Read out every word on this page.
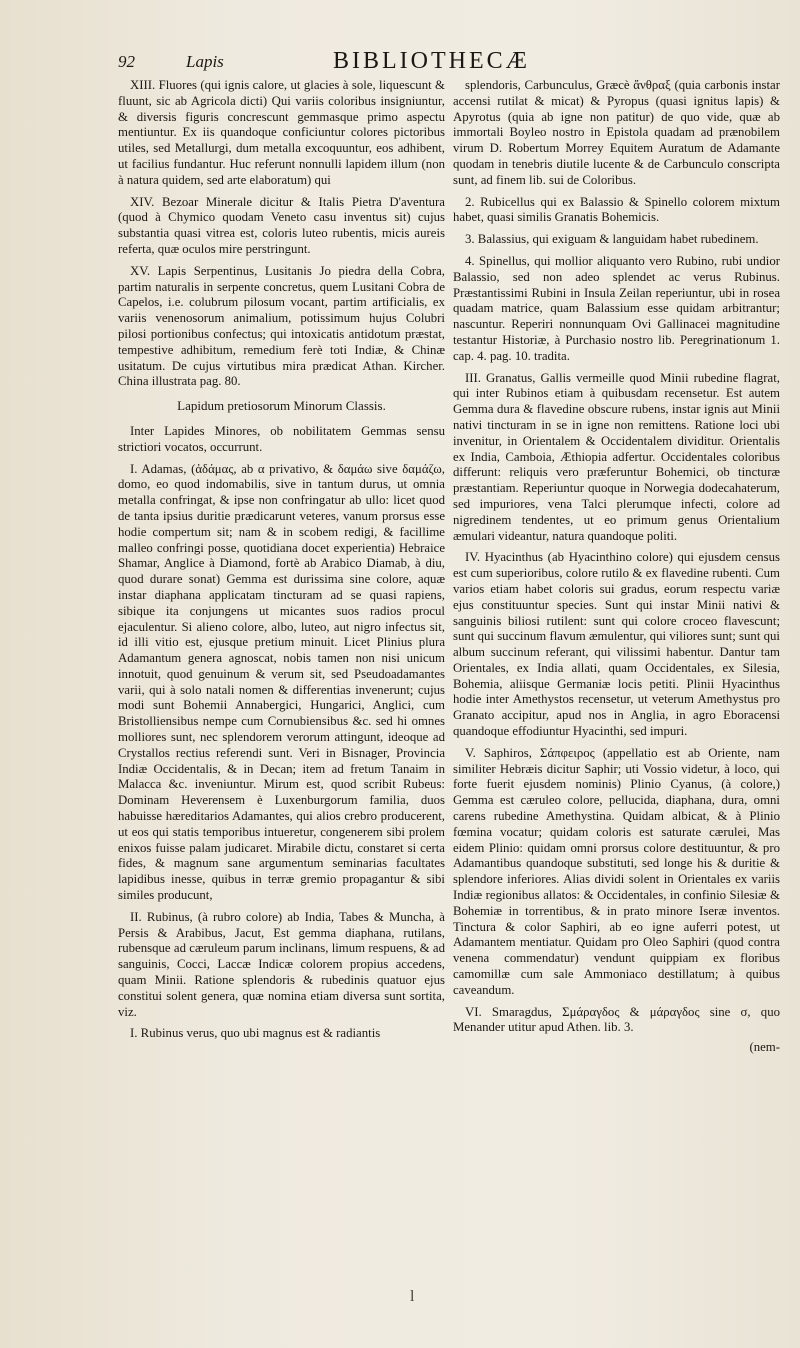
92	Lapis	BIBLIOTHECÆ

XIII. Fluores (qui ignis calore, ut glacies à sole, liquescunt & fluunt, sic ab Agricola dicti) Qui variis coloribus insigniuntur, & diversis figuris concrescunt gemmasque primo aspectu mentiuntur. Ex iis quandoque conficiuntur colores pictoribus utiles, sed Metallurgi, dum metalla excoquuntur, eos adhibent, ut facilius fundantur. Huc referunt nonnulli lapidem illum (non à natura quidem, sed arte elaboratum) qui

XIV. Bezoar Minerale dicitur & Italis Pietra D'aventura (quod à Chymico quodam Veneto casu inventus sit) cujus substantia quasi vitrea est, coloris luteo rubentis, micis aureis referta, quæ oculos mire perstringunt.

XV. Lapis Serpentinus, Lusitanis Jo piedra della Cobra, partim naturalis in serpente concretus, quem Lusitani Cobra de Capelos, i.e. colubrum pilosum vocant, partim artificialis, ex variis venenosorum animalium, potissimum hujus Colubri pilosi portionibus confectus; qui intoxicatis antidotum præstat, tempestive adhibitum, remedium ferè toti Indiæ, & Chinæ usitatum. De cujus virtutibus mira prædicat Athan. Kircher. China illustrata pag. 80.

Lapidum pretiosorum Minorum Classis.

Inter Lapides Minores, ob nobilitatem Gemmas sensu strictiori vocatos, occurrunt.

I. Adamas, (ἀδάμας, ab α privativo, & δαμάω sive δαμάζω, domo, eo quod indomabilis, sive in tantum durus, ut omnia metalla confringat, & ipse non confringatur ab ullo: licet quod de tanta ipsius duritie prædicarunt veteres, vanum prorsus esse hodie compertum sit; nam & in scobem redigi, & facillime malleo confringi posse, quotidiana docet experientia) Hebraice Shamar, Anglice à Diamond, fortè ab Arabico Diamab, à diu, quod durare sonat) Gemma est durissima sine colore, aquæ instar diaphana applicatam tincturam ad se quasi rapiens, sibique ita conjungens ut micantes suos radios procul ejaculentur. Si alieno colore, albo, luteo, aut nigro infectus sit, id illi vitio est, ejusque pretium minuit. Licet Plinius plura Adamantum genera agnoscat, nobis tamen non nisi unicum innotuit, quod genuinum & verum sit, sed Pseudoadamantes varii, qui à solo natali nomen & differentias invenerunt; cujus modi sunt Bohemii Annabergici, Hungarici, Anglici, cum Bristolliensibus nempe cum Cornubiensibus &c. sed hi omnes molliores sunt, nec splendorem verorum attingunt, ideoque ad Crystallos rectius referendi sunt. Veri in Bisnager, Provincia Indiæ Occidentalis, & in Decan; item ad fretum Tanaim in Malacca &c. inveniuntur. Mirum est, quod scribit Rubeus: Dominam Heverensem è Luxenburgorum familia, duos habuisse hæreditarios Adamantes, qui alios crebro producerent, ut eos qui statis temporibus intueretur, congenerem sibi prolem enixos fuisse palam judicaret. Mirabile dictu, constaret si certa fides, & magnum sane argumentum seminarias facultates lapidibus inesse, quibus in terræ gremio propagantur & sibi similes producunt,

II. Rubinus, (à rubro colore) ab India, Tabes & Muncha, à Persis & Arabibus, Jacut, Est gemma diaphana, rutilans, rubensque ad cæruleum parum inclinans, limum respuens, & ad sanguinis, Cocci, Laccæ Indicæ colorem propius accedens, quam Minii. Ratione splendoris & rubedinis quatuor ejus constitui solent genera, quæ nomina etiam diversa sunt sortita, viz.

I. Rubinus verus, quo ubi magnus est & radiantis

splendoris, Carbunculus, Græcè ἄνθραξ (quia carbonis instar accensi rutilat & micat) & Pyropus (quasi ignitus lapis) & Apyrotus (quia ab igne non patitur) de quo vide, quæ ab immortali Boyleo nostro in Epistola quadam ad prænobilem virum D. Robertum Morrey Equitem Auratum de Adamante quodam in tenebris diutile lucente & de Carbunculo conscripta sunt, ad finem lib. sui de Coloribus.

2. Rubicellus qui ex Balassio & Spinello colorem mixtum habet, quasi similis Granatis Bohemicis.

3. Balassius, qui exiguam & languidam habet rubedinem.

4. Spinellus, qui mollior aliquanto vero Rubino, rubi undior Balassio, sed non adeo splendet ac verus Rubinus. Præstantissimi Rubini in Insula Zeilan reperiuntur, ubi in rosea quadam matrice, quam Balassium esse quidam arbitrantur; nascuntur. Reperiri nonnunquam Ovi Gallinacei magnitudine testantur Historiæ, à Purchasio nostro lib. Peregrinationum 1. cap. 4. pag. 10. tradita.

III. Granatus, Gallis vermeille quod Minii rubedine flagrat, qui inter Rubinos etiam à quibusdam recensetur. Est autem Gemma dura & flavedine obscure rubens, instar ignis aut Minii nativi tincturam in se in igne non remittens. Ratione loci ubi invenitur, in Orientalem & Occidentalem dividitur. Orientalis ex India, Camboia, Æthiopia adfertur. Occidentales coloribus differunt: reliquis vero præferuntur Bohemici, ob tincturæ præstantiam. Reperiuntur quoque in Norwegia dodecahaterum, sed impuriores, vena Talci plerumque infecti, colore ad nigredinem tendentes, ut eo primum genus Orientalium æmulari videantur, natura quandoque politi.

IV. Hyacinthus (ab Hyacinthino colore) qui ejusdem census est cum superioribus, colore rutilo & ex flavedine rubenti. Cum varios etiam habet coloris sui gradus, eorum respectu variæ ejus constituuntur species. Sunt qui instar Minii nativi & sanguinis biliosi rutilent: sunt qui colore croceo flavescunt; sunt qui succinum flavum æmulentur, qui viliores sunt; sunt qui album succinum referant, qui vilissimi habentur. Dantur tam Orientales, ex India allati, quam Occidentales, ex Silesia, Bohemia, aliisque Germaniæ locis petiti. Plinii Hyacinthus hodie inter Amethystos recensetur, ut veterum Amethystus pro Granato accipitur, apud nos in Anglia, in agro Eboracensi quandoque effodiuntur Hyacinthi, sed impuri.

V. Saphiros, Σάπφειρος (appellatio est ab Oriente, nam similiter Hebræis dicitur Saphir; uti Vossio videtur, à loco, qui forte fuerit ejusdem nominis) Plinio Cyanus, (à colore,) Gemma est cæruleo colore, pellucida, diaphana, dura, omni carens rubedine Amethystina. Quidam albicat, & à Plinio fœmina vocatur; quidam coloris est saturate cærulei, Mas eidem Plinio: quidam omni prorsus colore destituuntur, & pro Adamantibus quandoque substituti, sed longe his & duritie & splendore inferiores. Alias dividi solent in Orientales ex variis Indiæ regionibus allatos: & Occidentales, in confinio Silesiæ & Bohemiæ in torrentibus, & in prato minore Iseræ inventos. Tinctura & color Saphiri, ab eo igne auferri potest, ut Adamantem mentiatur. Quidam pro Oleo Saphiri (quod contra venena commendatur) vendunt quippiam ex floribus camomillæ cum sale Ammoniaco destillatum; à quibus caveandum.

VI. Smaragdus, Σμάραγδος & μάραγδος sine σ, quo Menander utitur apud Athen. lib. 3.

(nem-
l
